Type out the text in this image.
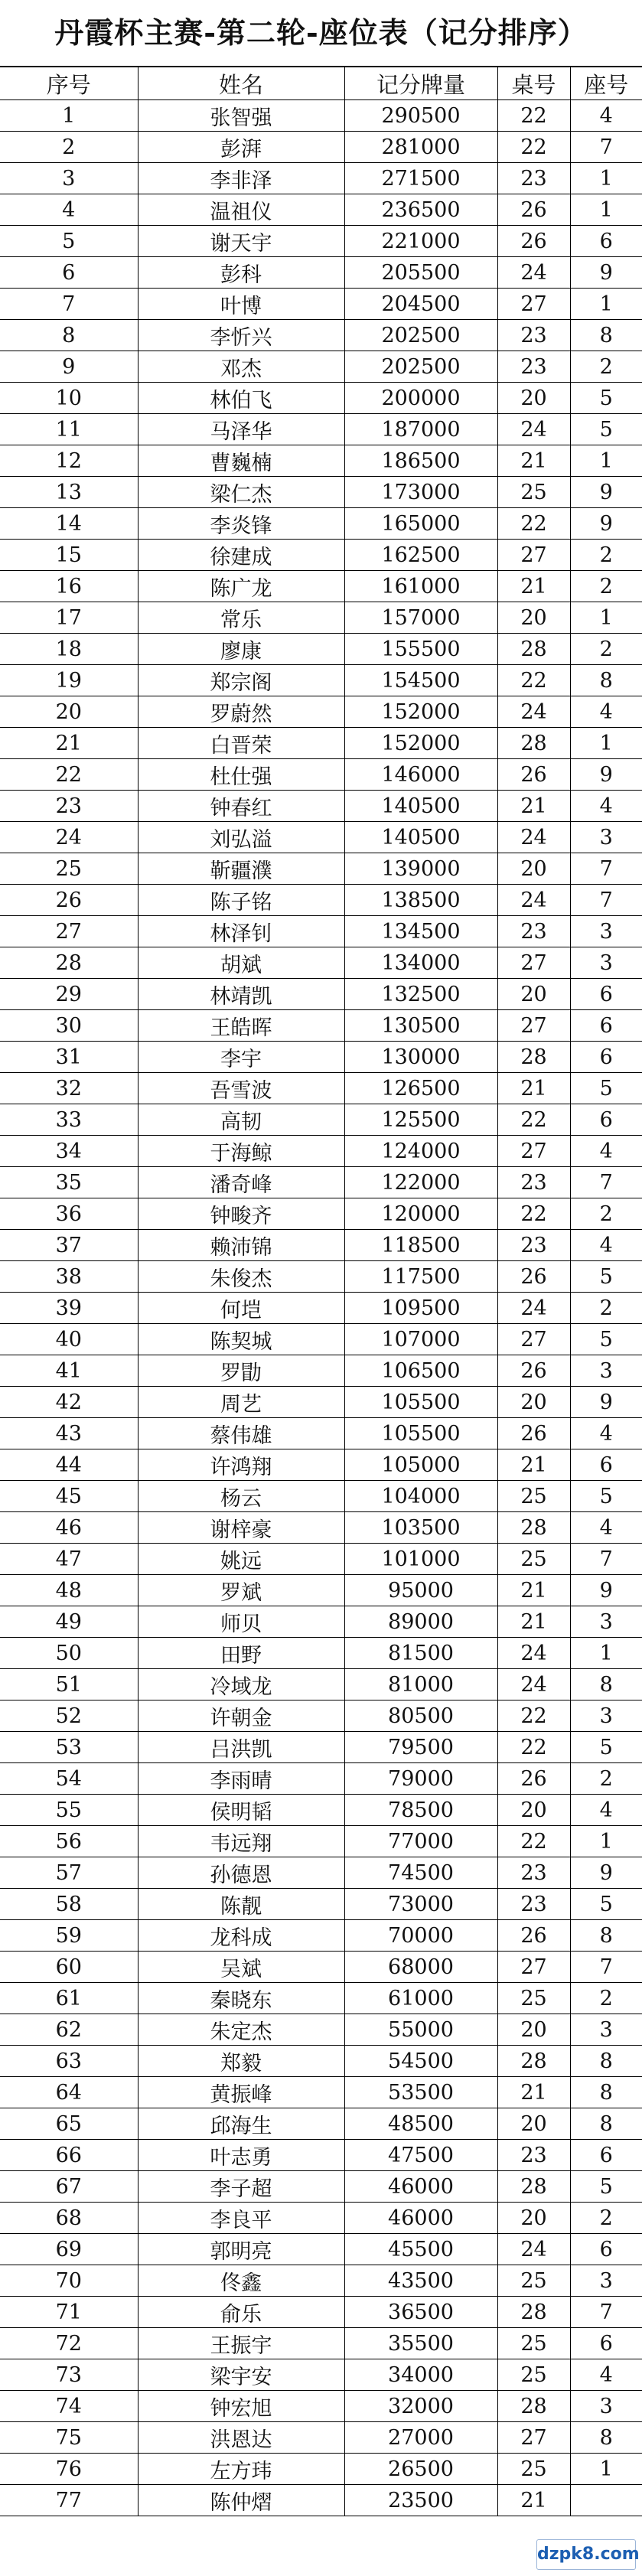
丹霞杯主赛-第二轮-座位表（记分排序）
序号	姓名	记分牌量	桌号	座号
1	张智强	290500	22	4
2	彭湃	281000	22	7
3	李非泽	271500	23	1
4	温祖仪	236500	26	1
5	谢天宇	221000	26	6
6	彭科	205500	24	9
7	叶博	204500	27	1
8	李忻兴	202500	23	8
9	邓杰	202500	23	2
10	林伯飞	200000	20	5
11	马泽华	187000	24	5
12	曹巍楠	186500	21	1
13	梁仁杰	173000	25	9
14	李炎锋	165000	22	9
15	徐建成	162500	27	2
16	陈广龙	161000	21	2
17	常乐	157000	20	1
18	廖康	155500	28	2
19	郑宗阁	154500	22	8
20	罗蔚然	152000	24	4
21	白晋荣	152000	28	1
22	杜仕强	146000	26	9
23	钟春红	140500	21	4
24	刘弘溢	140500	24	3
25	靳疆濮	139000	20	7
26	陈子铭	138500	24	7
27	林泽钊	134500	23	3
28	胡斌	134000	27	3
29	林靖凯	132500	20	6
30	王皓晖	130500	27	6
31	李宇	130000	28	6
32	吾雪波	126500	21	5
33	高韧	125500	22	6
34	于海鲸	124000	27	4
35	潘奇峰	122000	23	7
36	钟畯齐	120000	22	2
37	赖沛锦	118500	23	4
38	朱俊杰	117500	26	5
39	何垲	109500	24	2
40	陈契城	107000	27	5
41	罗勖	106500	26	3
42	周艺	105500	20	9
43	蔡伟雄	105500	26	4
44	许鸿翔	105000	21	6
45	杨云	104000	25	5
46	谢梓豪	103500	28	4
47	姚远	101000	25	7
48	罗斌	95000	21	9
49	师贝	89000	21	3
50	田野	81500	24	1
51	冷域龙	81000	24	8
52	许朝金	80500	22	3
53	吕洪凯	79500	22	5
54	李雨晴	79000	26	2
55	侯明韬	78500	20	4
56	韦远翔	77000	22	1
57	孙德恩	74500	23	9
58	陈靓	73000	23	5
59	龙科成	70000	26	8
60	吴斌	68000	27	7
61	秦晓东	61000	25	2
62	朱定杰	55000	20	3
63	郑毅	54500	28	8
64	黄振峰	53500	21	8
65	邱海生	48500	20	8
66	叶志勇	47500	23	6
67	李子超	46000	28	5
68	李良平	46000	20	2
69	郭明亮	45500	24	6
70	佟鑫	43500	25	3
71	俞乐	36500	28	7
72	王振宇	35500	25	6
73	梁宇安	34000	25	4
74	钟宏旭	32000	28	3
75	洪恩达	27000	27	8
76	左方玮	26500	25	1
77	陈仲熠	23500	21	
dzpk8.com
